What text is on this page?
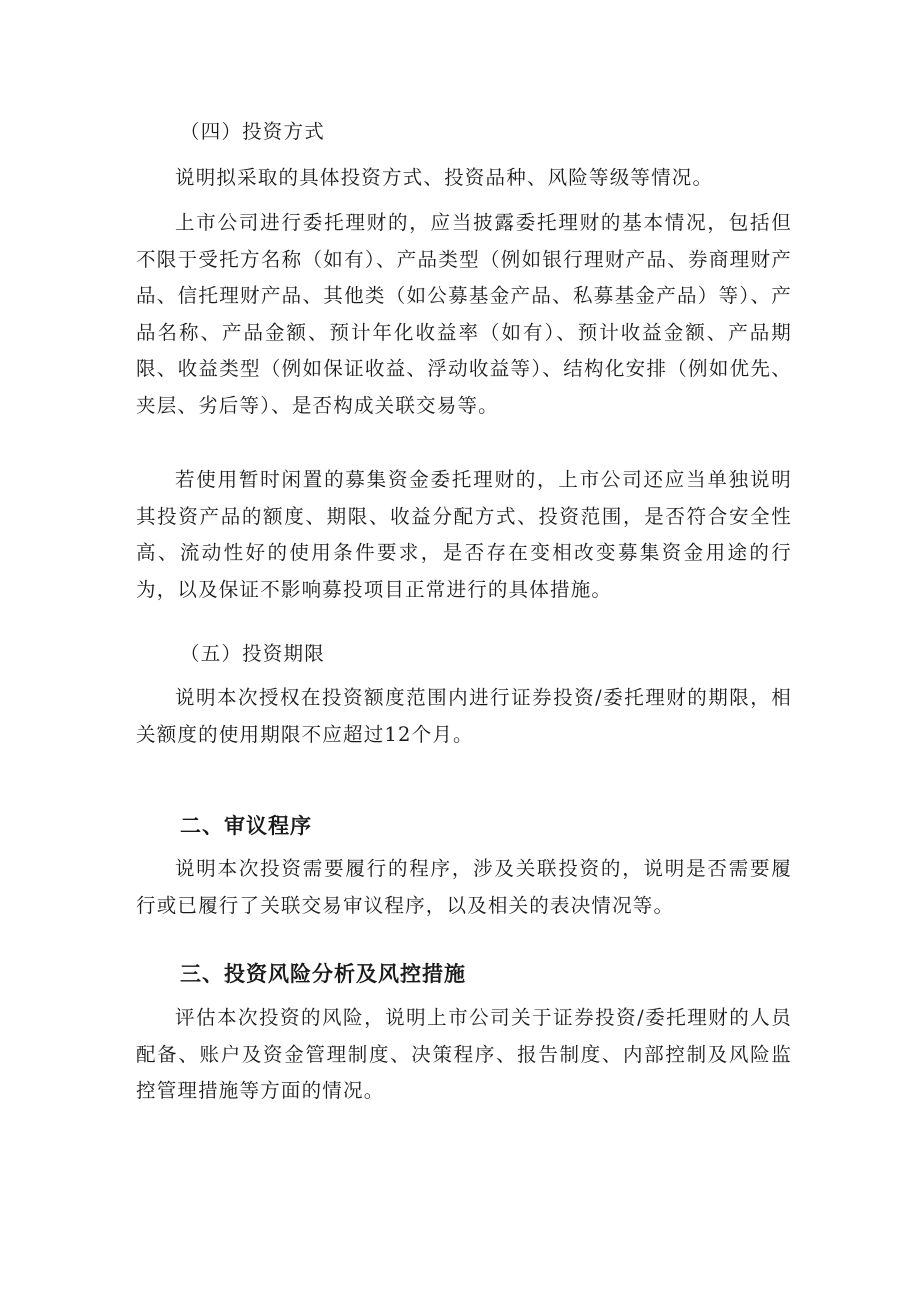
（四）投资方式

说明拟采取的具体投资方式、投资品种、风险等级等情况。

上市公司进行委托理财的，应当披露委托理财的基本情况，包括但不限于受托方名称（如有）、产品类型（例如银行理财产品、券商理财产品、信托理财产品、其他类（如公募基金产品、私募基金产品）等）、产品名称、产品金额、预计年化收益率（如有）、预计收益金额、产品期限、收益类型（例如保证收益、浮动收益等）、结构化安排（例如优先、夹层、劣后等）、是否构成关联交易等。

若使用暂时闲置的募集资金委托理财的，上市公司还应当单独说明其投资产品的额度、期限、收益分配方式、投资范围，是否符合安全性高、流动性好的使用条件要求，是否存在变相改变募集资金用途的行为，以及保证不影响募投项目正常进行的具体措施。

（五）投资期限

说明本次授权在投资额度范围内进行证券投资/委托理财的期限，相关额度的使用期限不应超过12个月。

二、审议程序

说明本次投资需要履行的程序，涉及关联投资的，说明是否需要履行或已履行了关联交易审议程序，以及相关的表决情况等。

三、投资风险分析及风控措施

评估本次投资的风险，说明上市公司关于证券投资/委托理财的人员配备、账户及资金管理制度、决策程序、报告制度、内部控制及风险监控管理措施等方面的情况。
